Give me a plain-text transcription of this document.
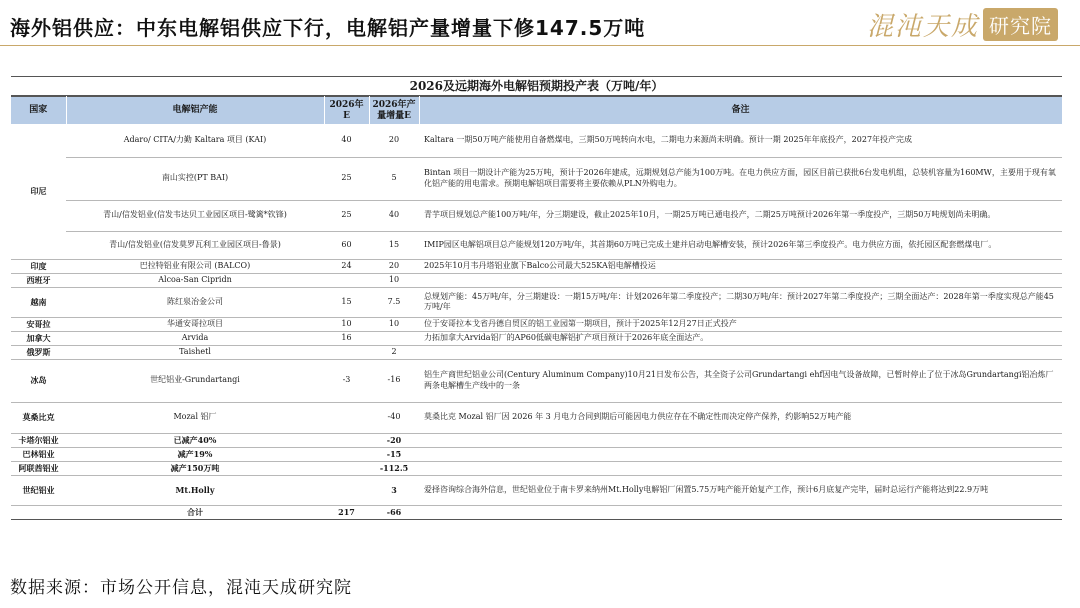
海外铝供应：中东电解铝供应下行，电解铝产量增量下修147.5万吨	混沌天成 研究院
2026及远期海外电解铝预期投产表（万吨/年）
国家	电解铝产能	2026年E	2026年产量增量E	备注
印尼	Adaro/ CITA/力勤 Kaltara 项目 (KAI)	40	20	Kaltara 一期50万吨产能使用自备燃煤电，三期50万吨转向水电，二期电力来源尚未明确。预计一期 2025年年底投产，2027年投产完成
	南山实控(PT BAI)	25	5	Bintan 项目一期设计产能为25万吨，预计于2026年建成，远期规划总产能为100万吨。在电力供应方面，园区目前已获批6台发电机组，总装机容量为160MW，主要用于现有氧化铝产能的用电需求。预期电解铝项目需要将主要依赖从PLN外购电力。
	青山/信发铝业(信发韦达贝工业园区项目-鹭篱*钦锋)	25	40	青芋项目规划总产能100万吨/年，分三期建设，截止2025年10月，一期25万吨已通电投产，二期25万吨预计2026年第一季度投产，三期50万吨规划尚未明确。
	青山/信发铝业(信发莫罗瓦利工业园区项目-鲁景)	60	15	IMIP园区电解铝项目总产能规划120万吨/年，其首期60万吨已完成土建并启动电解槽安装，预计2026年第三季度投产。电力供应方面，依托园区配套燃煤电厂。
印度	巴拉特铝业有限公司 (BALCO)	24	20	2025年10月韦丹塔铝业旗下Balco公司最大525KA铝电解槽投运
西班牙	Alcoa-San Cipridn		10	
越南	陈红泉冶金公司	15	7.5	总规划产能：45万吨/年，分三期建设：一期15万吨/年：计划2026年第二季度投产；二期30万吨/年：预计2027年第二季度投产；三期全面达产：2028年第一季度实现总产能45万吨/年
安哥拉	华通安哥拉项目	10	10	位于安哥拉本戈省丹德自贸区的铝工业园第一期项目，预计于2025年12月27日正式投产
加拿大	Arvida	16		力拓加拿大Arvida铝厂的AP60低碳电解铝扩产项目预计于2026年底全面达产。
俄罗斯	Taishetl		2	
冰岛	世纪铝业-Grundartangi	-3	-16	铝生产商世纪铝业公司(Century Aluminum Company)10月21日发布公告，其全资子公司Grundartangi ehf因电气设备故障，已暂时停止了位于冰岛Grundartangi铝冶炼厂两条电解槽生产线中的一条
莫桑比克	Mozal 铝厂		-40	莫桑比克 Mozal 铝厂因 2026 年 3 月电力合同到期后可能因电力供应存在不确定性而决定停产保养，约影响52万吨产能
卡塔尔铝业	已减产40%		-20	
巴林铝业	减产19%		-15	
阿联酋铝业	减产150万吨		-112.5	
世纪铝业	Mt.Holly		3	爱择咨询综合海外信息，世纪铝业位于南卡罗来纳州Mt.Holly电解铝厂闲置5.75万吨产能开始复产工作，预计6月底复产完毕，届时总运行产能将达到22.9万吨
	合计	217	-66	
数据来源：市场公开信息，混沌天成研究院
